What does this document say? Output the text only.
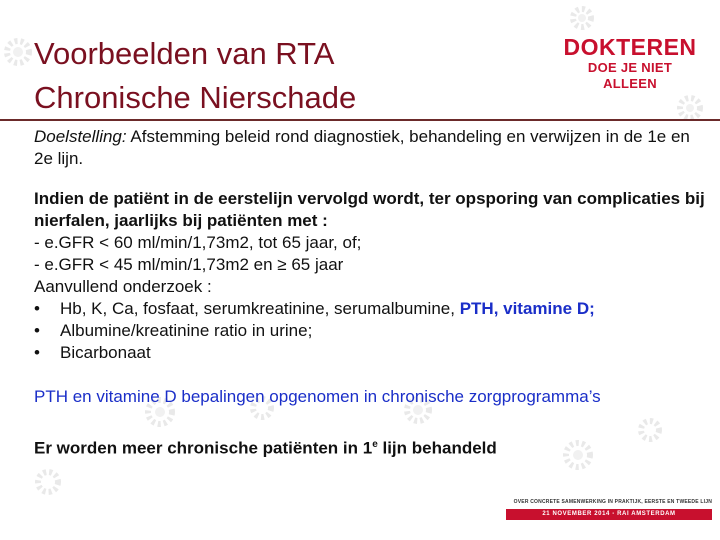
Voorbeelden van RTA
Chronische Nierschade
DOKTEREN
DOE JE NIET ALLEEN

Doelstelling: Afstemming beleid rond diagnostiek, behandeling en verwijzen in de 1e en 2e lijn.

Indien de patiënt in de eerstelijn vervolgd wordt, ter opsporing van complicaties bij nierfalen, jaarlijks bij patiënten met :

- e.GFR < 60 ml/min/1,73m2, tot 65 jaar, of;

- e.GFR < 45 ml/min/1,73m2 en ≥ 65 jaar

Aanvullend onderzoek :

•	Hb, K, Ca, fosfaat, serumkreatinine, serumalbumine, PTH, vitamine D;
•	Albumine/kreatinine ratio in urine;
•	Bicarbonaat

PTH en vitamine D bepalingen opgenomen in chronische zorgprogramma’s

Er worden meer chronische patiënten in 1e lijn behandeld

OVER CONCRETE SAMENWERKING IN PRAKTIJK, EERSTE EN TWEEDE LIJN
21 NOVEMBER 2014 - RAI AMSTERDAM
